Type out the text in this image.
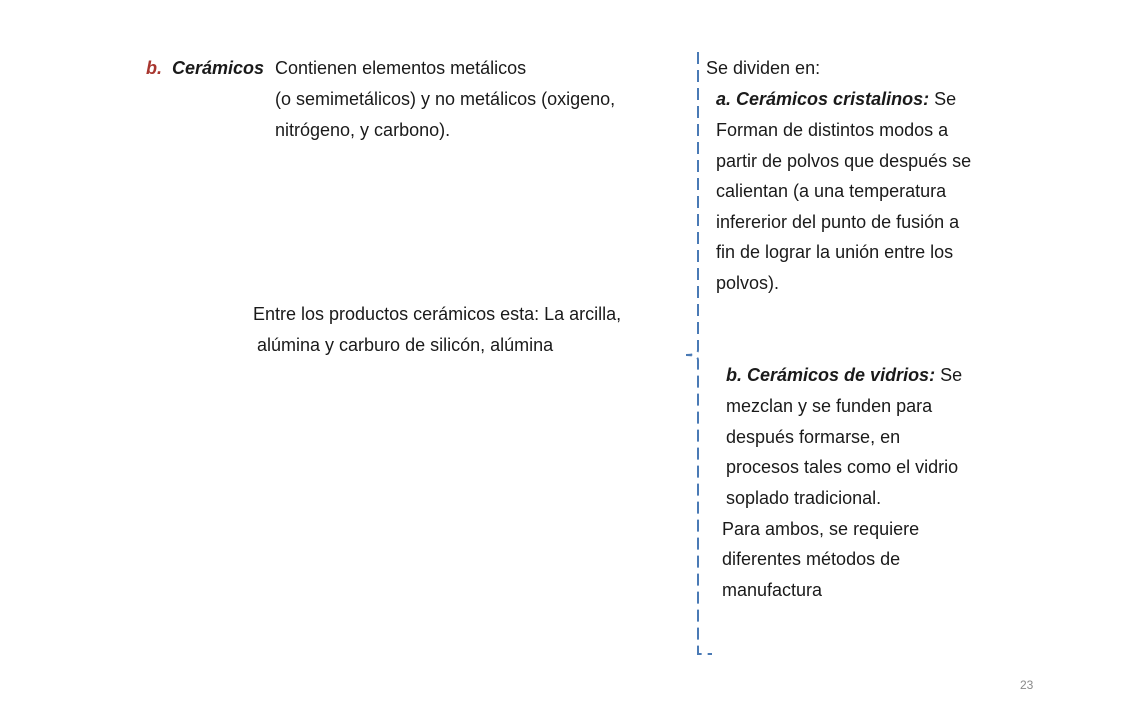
b. Cerámicos Contienen elementos metálicos
(o semimetálicos) y no metálicos (oxigeno,
nitrógeno, y carbono).
Entre los productos cerámicos esta: La arcilla,
alúmina y carburo de silicón, alúmina
Se dividen en:
a. Cerámicos cristalinos: Se
Forman de distintos modos a
partir de polvos que después se
calientan (a una temperatura
infererior del punto de fusión a
fin de lograr la unión entre los
polvos).
b. Cerámicos de vidrios: Se
mezclan y se funden para
después formarse, en
procesos tales como el vidrio
soplado tradicional.
Para ambos, se requiere
diferentes métodos de
manufactura
23
